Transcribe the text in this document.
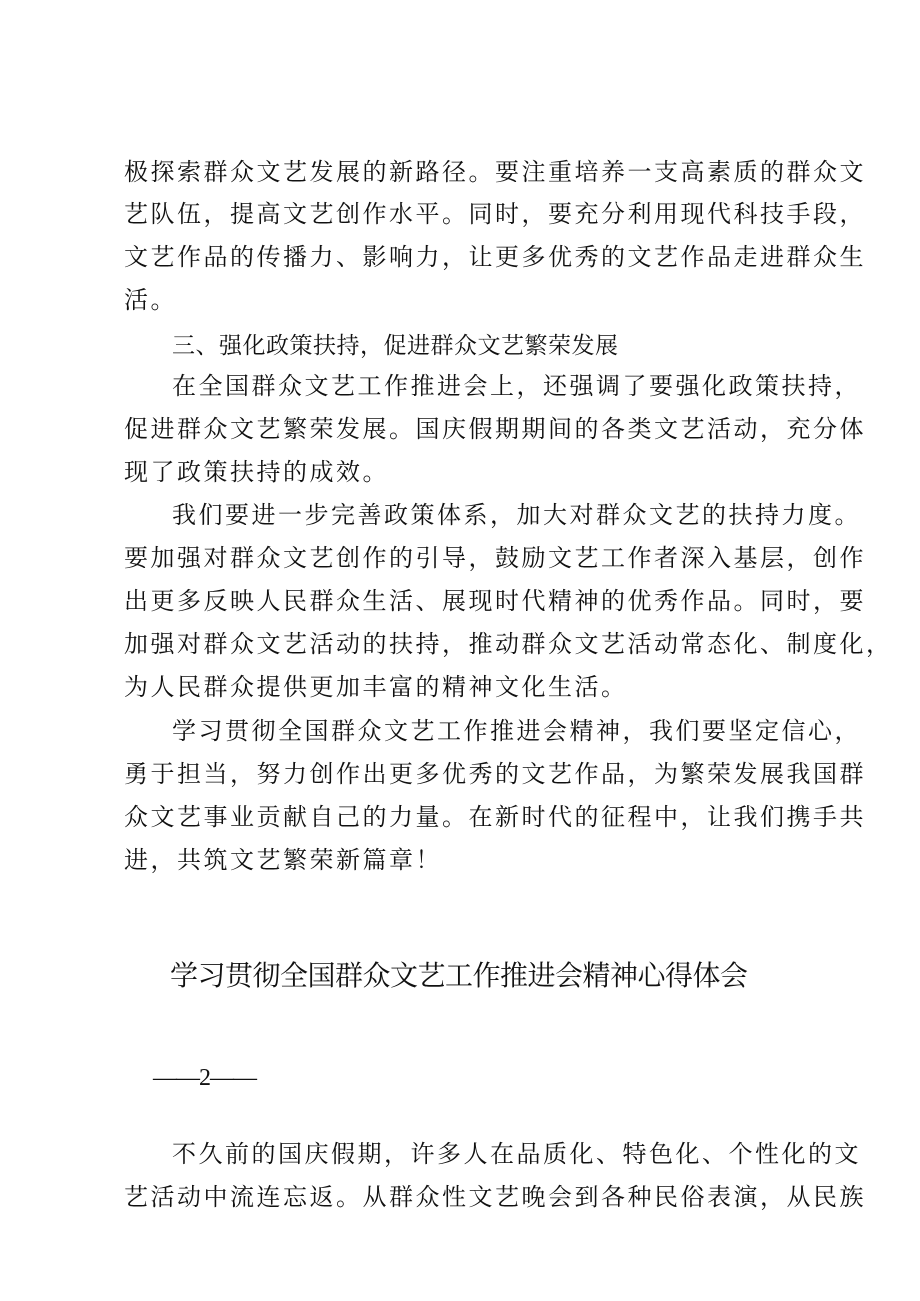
极探索群众文艺发展的新路径。要注重培养一支高素质的群众文
艺队伍，提高文艺创作水平。同时，要充分利用现代科技手段，
文艺作品的传播力、影响力，让更多优秀的文艺作品走进群众生
活。
三、强化政策扶持，促进群众文艺繁荣发展
在全国群众文艺工作推进会上，还强调了要强化政策扶持，
促进群众文艺繁荣发展。国庆假期期间的各类文艺活动，充分体
现了政策扶持的成效。
我们要进一步完善政策体系，加大对群众文艺的扶持力度。
要加强对群众文艺创作的引导，鼓励文艺工作者深入基层，创作
出更多反映人民群众生活、展现时代精神的优秀作品。同时，要
加强对群众文艺活动的扶持，推动群众文艺活动常态化、制度化，
为人民群众提供更加丰富的精神文化生活。
学习贯彻全国群众文艺工作推进会精神，我们要坚定信心，
勇于担当，努力创作出更多优秀的文艺作品，为繁荣发展我国群
众文艺事业贡献自己的力量。在新时代的征程中，让我们携手共
进，共筑文艺繁荣新篇章！
学习贯彻全国群众文艺工作推进会精神心得体会
——2——
不久前的国庆假期，许多人在品质化、特色化、个性化的文
艺活动中流连忘返。从群众性文艺晚会到各种民俗表演，从民族
